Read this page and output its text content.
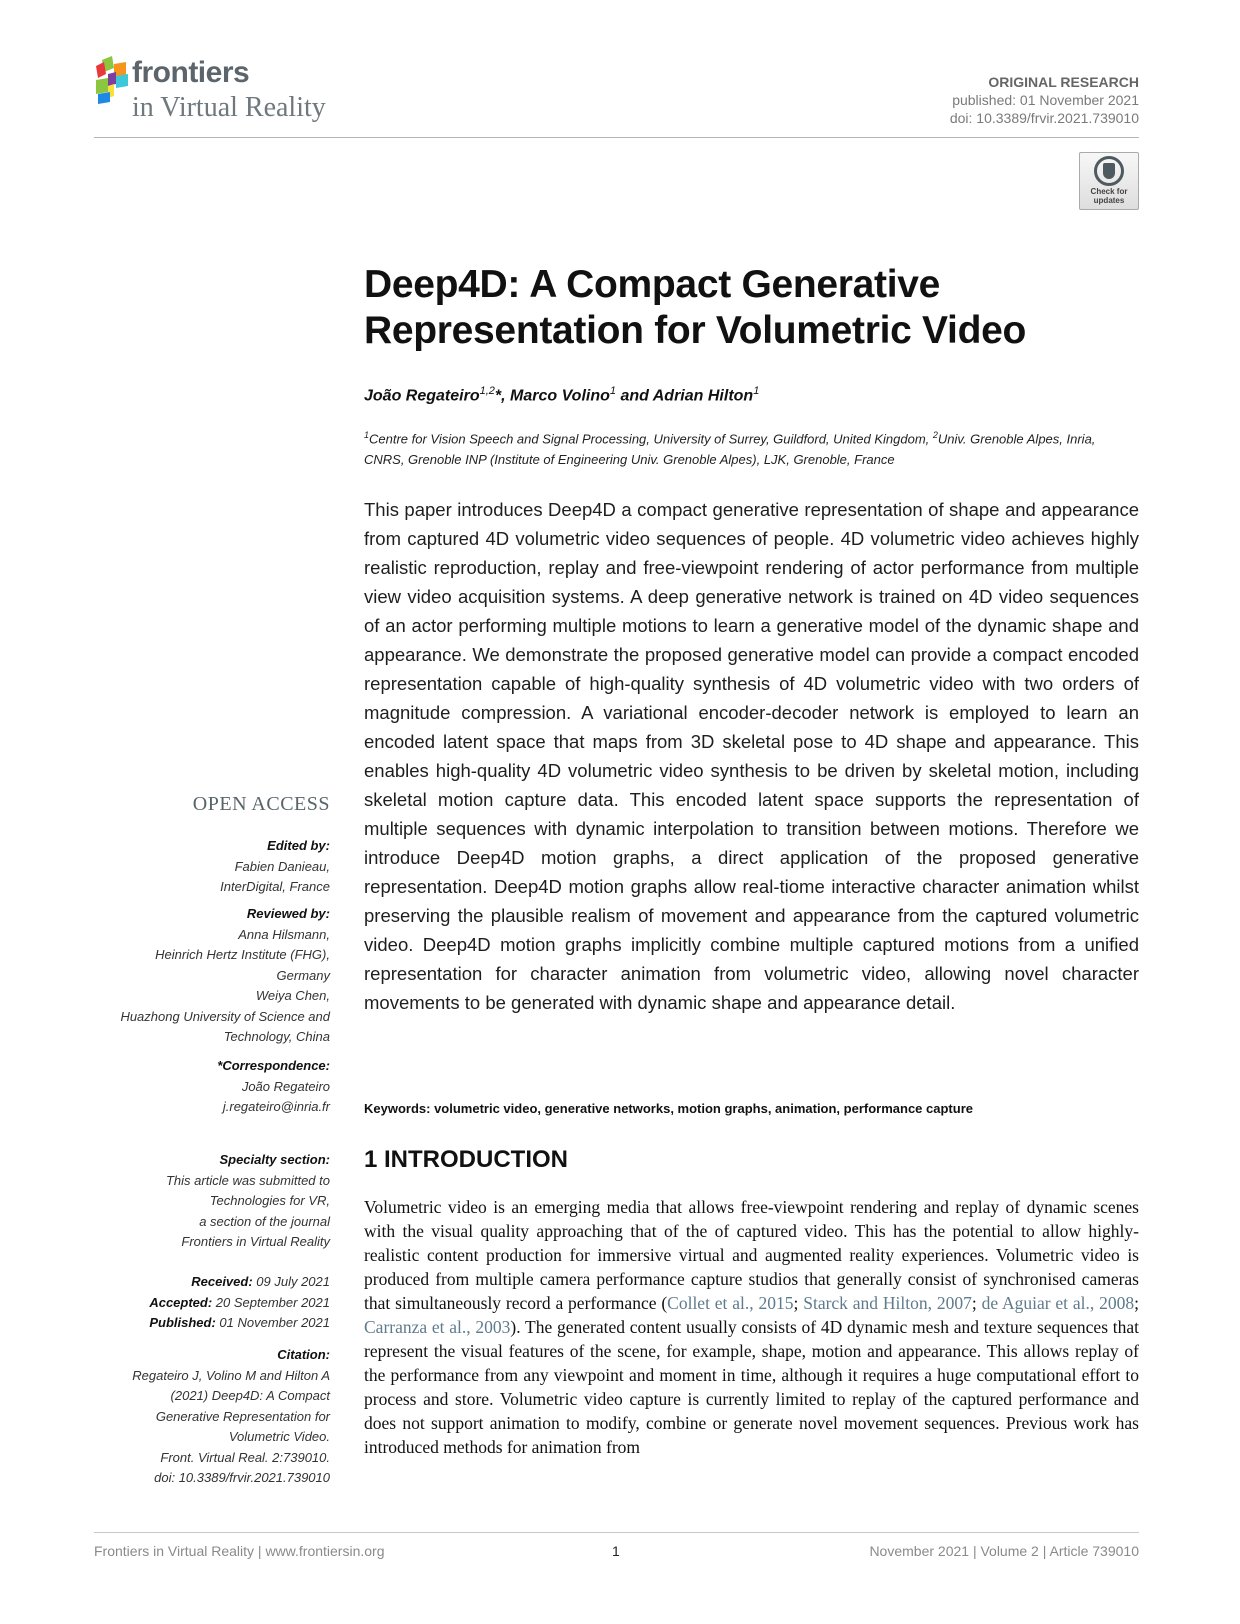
frontiers
in Virtual Reality
ORIGINAL RESEARCH
published: 01 November 2021
doi: 10.3389/frvir.2021.739010
Check for
updates
Deep4D: A Compact Generative
Representation for Volumetric Video
João Regateiro$^{1,2}$*, Marco Volino$^1$ and Adrian Hilton$^1$
$^1$Centre for Vision Speech and Signal Processing, University of Surrey, Guildford, United Kingdom, $^2$Univ. Grenoble Alpes, Inria, CNRS, Grenoble INP (Institute of Engineering Univ. Grenoble Alpes), LJK, Grenoble, France

This paper introduces Deep4D a compact generative representation of shape and appearance from captured 4D volumetric video sequences of people. 4D volumetric video achieves highly realistic reproduction, replay and free-viewpoint rendering of actor performance from multiple view video acquisition systems. A deep generative network is trained on 4D video sequences of an actor performing multiple motions to learn a generative model of the dynamic shape and appearance. We demonstrate the proposed generative model can provide a compact encoded representation capable of high-quality synthesis of 4D volumetric video with two orders of magnitude compression. A variational encoder-decoder network is employed to learn an encoded latent space that maps from 3D skeletal pose to 4D shape and appearance. This enables high-quality 4D volumetric video synthesis to be driven by skeletal motion, including skeletal motion capture data. This encoded latent space supports the representation of multiple sequences with dynamic interpolation to transition between motions. Therefore we introduce Deep4D motion graphs, a direct application of the proposed generative representation. Deep4D motion graphs allow real-tiome interactive character animation whilst preserving the plausible realism of movement and appearance from the captured volumetric video. Deep4D motion graphs implicitly combine multiple captured motions from a unified representation for character animation from volumetric video, allowing novel character movements to be generated with dynamic shape and appearance detail.

Keywords: volumetric video, generative networks, motion graphs, animation, performance capture
1 INTRODUCTION

Volumetric video is an emerging media that allows free-viewpoint rendering and replay of dynamic scenes with the visual quality approaching that of the of captured video. This has the potential to allow highly-realistic content production for immersive virtual and augmented reality experiences. Volumetric video is produced from multiple camera performance capture studios that generally consist of synchronised cameras that simultaneously record a performance (Collet et al., 2015; Starck and Hilton, 2007; de Aguiar et al., 2008; Carranza et al., 2003). The generated content usually consists of 4D dynamic mesh and texture sequences that represent the visual features of the scene, for example, shape, motion and appearance. This allows replay of the performance from any viewpoint and moment in time, although it requires a huge computational effort to process and store. Volumetric video capture is currently limited to replay of the captured performance and does not support animation to modify, combine or generate novel movement sequences. Previous work has introduced methods for animation from

OPEN ACCESS
Edited by:
Fabien Danieau,
InterDigital, France
Reviewed by:
Anna Hilsmann,
Heinrich Hertz Institute (FHG),
Germany
Weiya Chen,
Huazhong University of Science and
Technology, China
*Correspondence:
João Regateiro
j.regateiro@inria.fr
Specialty section:
This article was submitted to
Technologies for VR,
a section of the journal
Frontiers in Virtual Reality
Received: 09 July 2021
Accepted: 20 September 2021
Published: 01 November 2021
Citation:
Regateiro J, Volino M and Hilton A
(2021) Deep4D: A Compact
Generative Representation for
Volumetric Video.
Front. Virtual Real. 2:739010.
doi: 10.3389/frvir.2021.739010
Frontiers in Virtual Reality | www.frontiersin.org	1	November 2021 | Volume 2 | Article 739010
